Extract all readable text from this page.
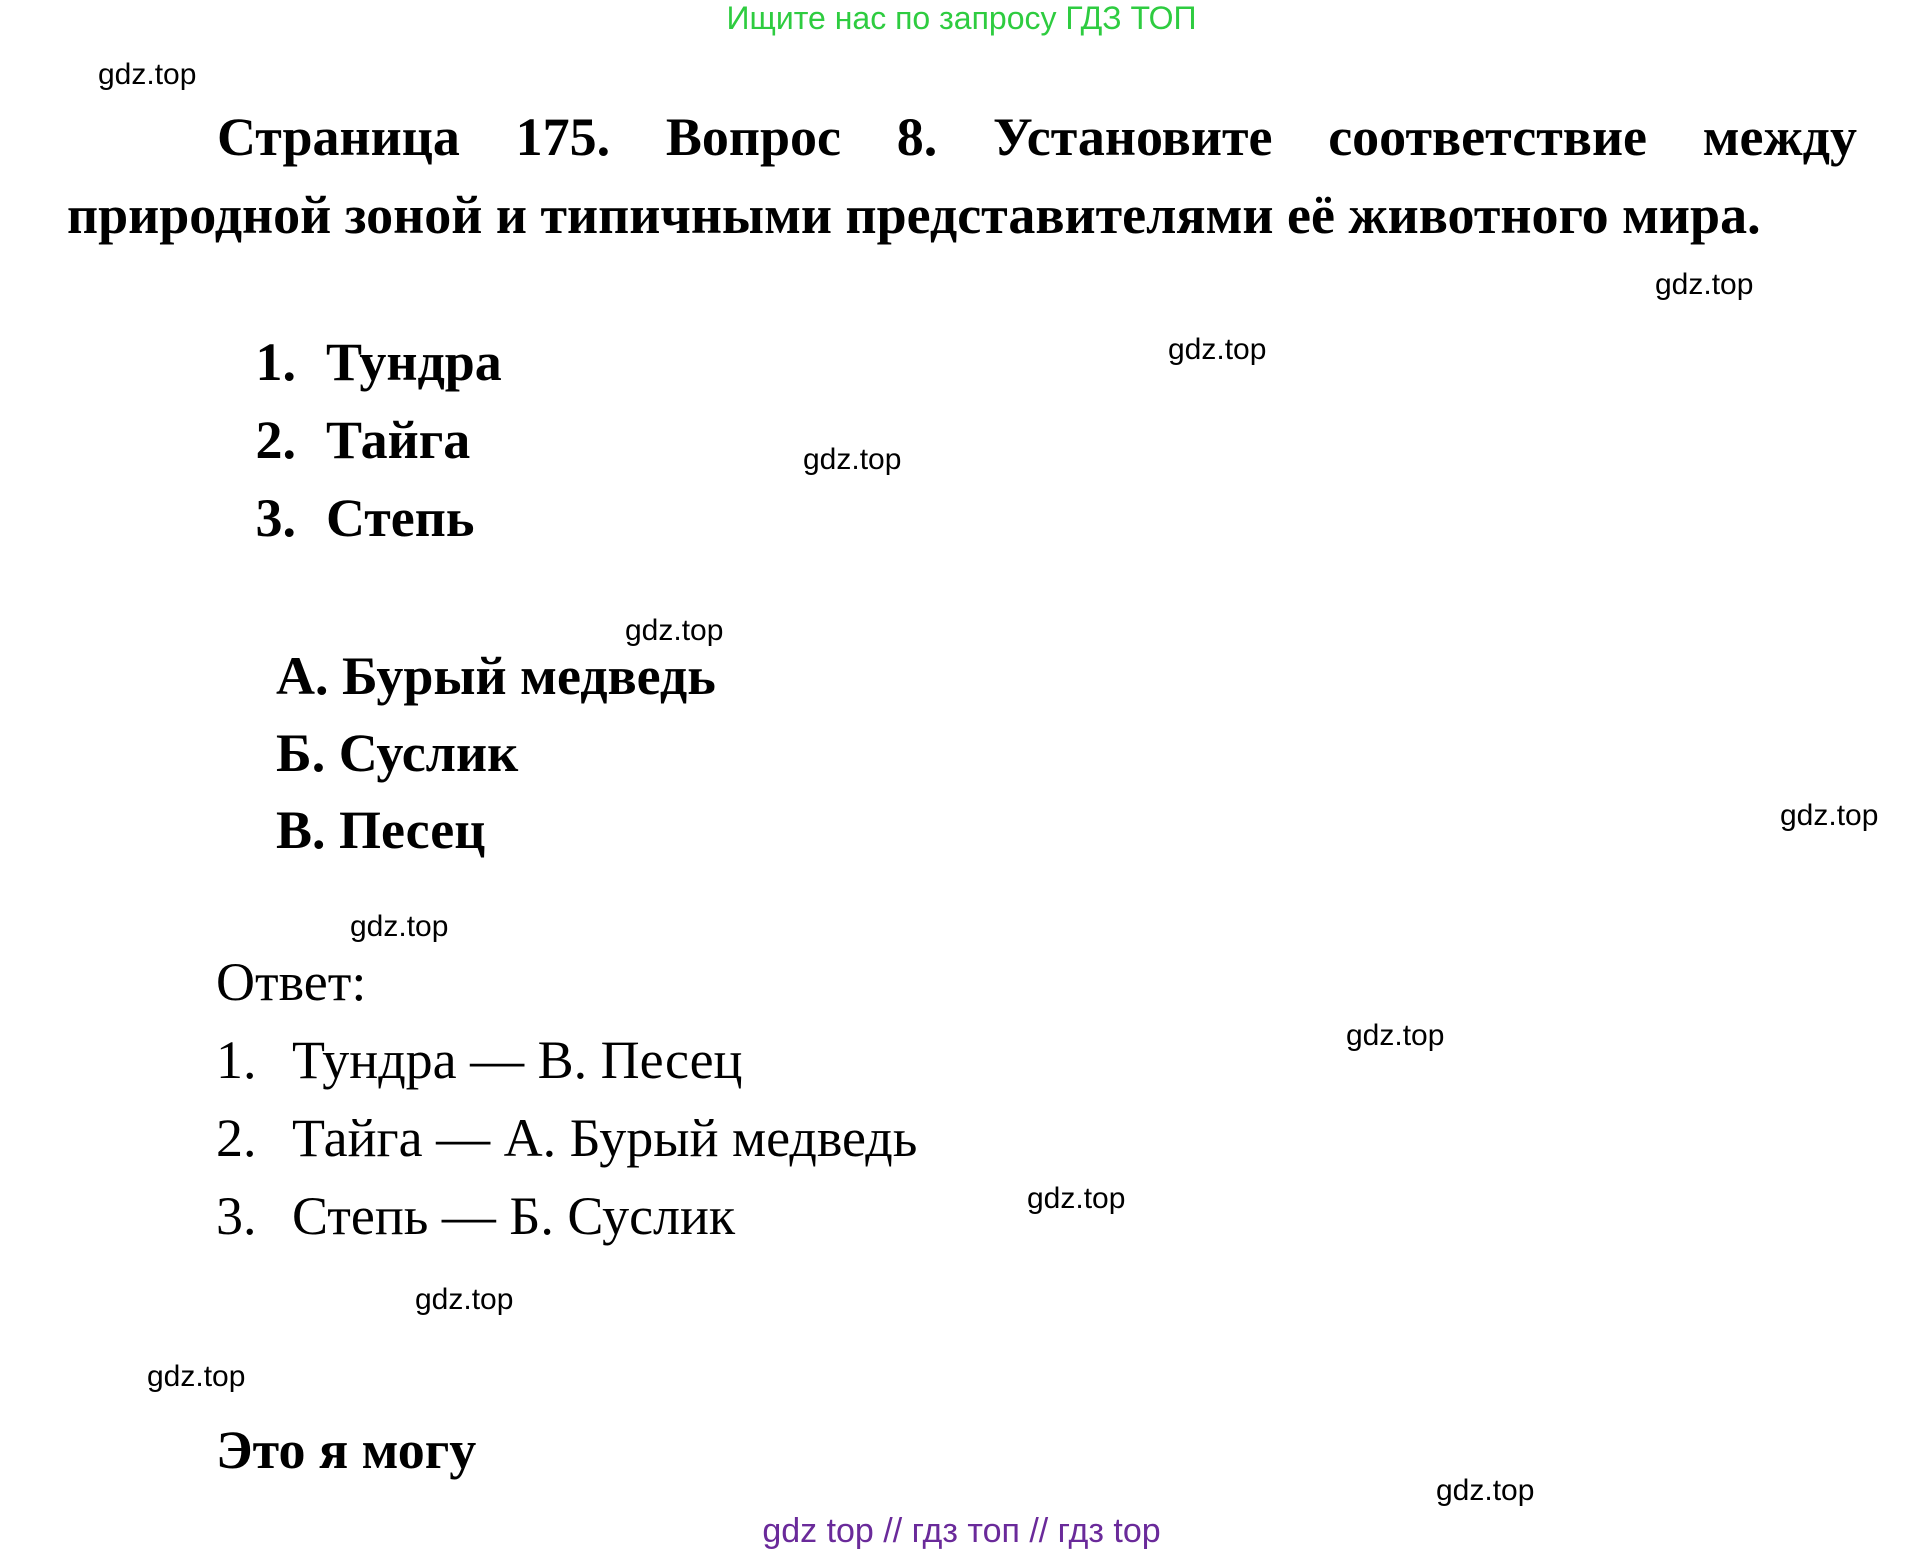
Ищите нас по запросу ГДЗ ТОП
Страница 175. Вопрос 8. Установите соответствие между природной зоной и типичными представителями её животного мира.
1. Тундра
2. Тайга
3. Степь
А. Бурый медведь
Б. Суслик
В. Песец
Ответ:
1. Тундра — В. Песец
2. Тайга — А. Бурый медведь
3. Степь — Б. Суслик
Это я могу
gdz.top
gdz.top
gdz.top
gdz.top
gdz.top
gdz.top
gdz.top
gdz.top
gdz.top
gdz.top
gdz.top
gdz.top
gdz top // гдз топ // гдз top
